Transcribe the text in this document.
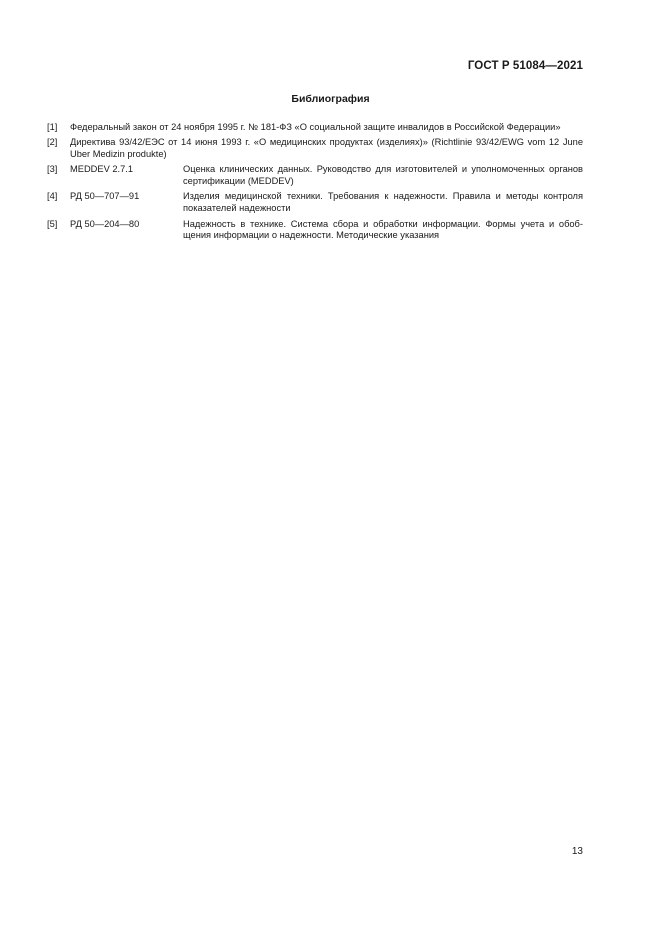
ГОСТ Р 51084—2021
Библиография
[1] Федеральный закон от 24 ноября 1995 г. № 181-ФЗ «О социальной защите инвалидов в Российской Федерации»
[2] Директива 93/42/ЕЭС от 14 июня 1993 г. «О медицинских продуктах (изделиях)» (Richtlinie 93/42/EWG vom 12 June Uber Medizin produkte)
[3] MEDDEV 2.7.1	Оценка клинических данных. Руководство для изготовителей и уполномоченных органов сертификации (MEDDEV)
[4] РД 50—707—91	Изделия медицинской техники. Требования к надежности. Правила и методы контроля показателей надежности
[5] РД 50—204—80	Надежность в технике. Система сбора и обработки информации. Формы учета и обобщения информации о надежности. Методические указания
13
